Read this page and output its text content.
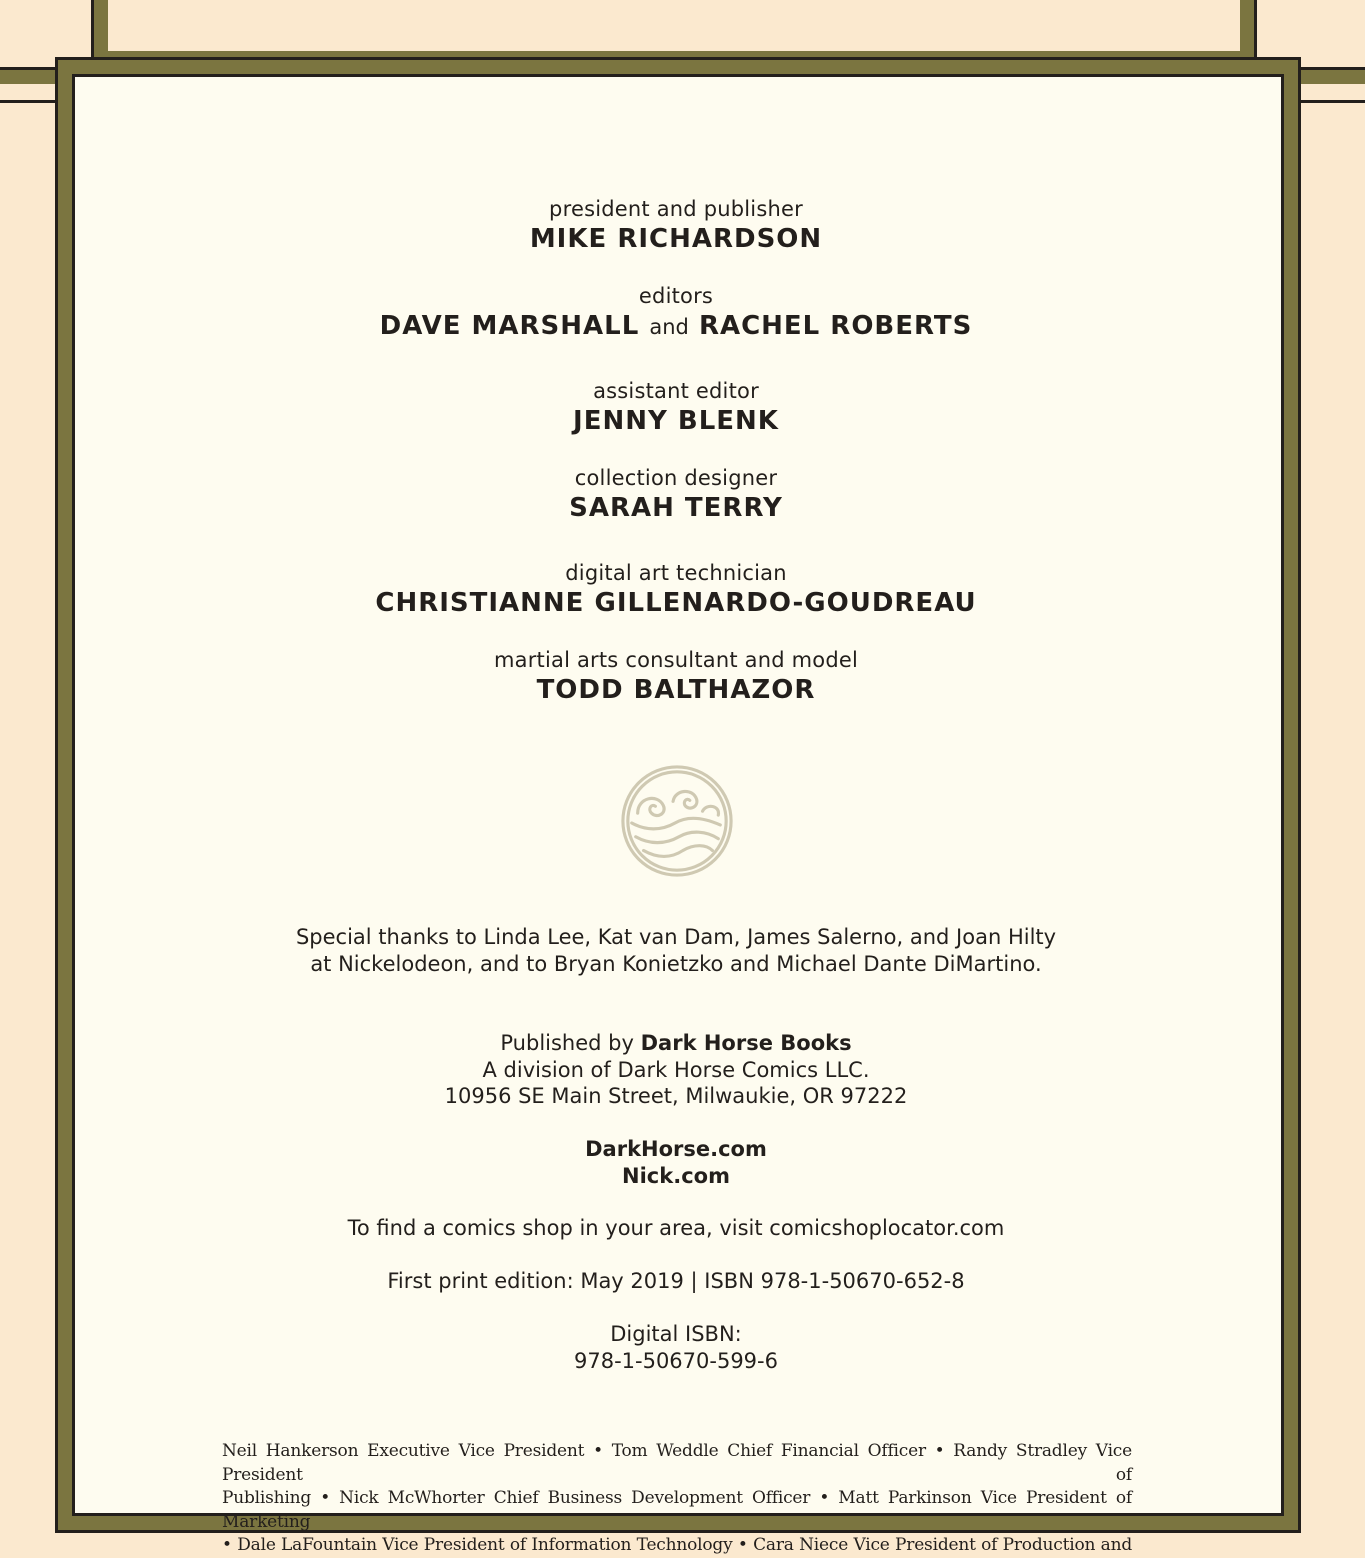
president and publisher
MIKE RICHARDSON
editors
DAVE MARSHALL and RACHEL ROBERTS
assistant editor
JENNY BLENK
collection designer
SARAH TERRY
digital art technician
CHRISTIANNE GILLENARDO-GOUDREAU
martial arts consultant and model
TODD BALTHAZOR
Special thanks to Linda Lee, Kat van Dam, James Salerno, and Joan Hilty
at Nickelodeon, and to Bryan Konietzko and Michael Dante DiMartino.
Published by Dark Horse Books
A division of Dark Horse Comics LLC.
10956 SE Main Street, Milwaukie, OR 97222
DarkHorse.com
Nick.com
To find a comics shop in your area, visit comicshoplocator.com
First print edition: May 2019 | ISBN 978-1-50670-652-8
Digital ISBN:
978-1-50670-599-6
Neil Hankerson Executive Vice President • Tom Weddle Chief Financial Officer • Randy Stradley Vice President of
Publishing • Nick McWhorter Chief Business Development Officer • Matt Parkinson Vice President of Marketing
• Dale LaFountain Vice President of Information Technology • Cara Niece Vice President of Production and
